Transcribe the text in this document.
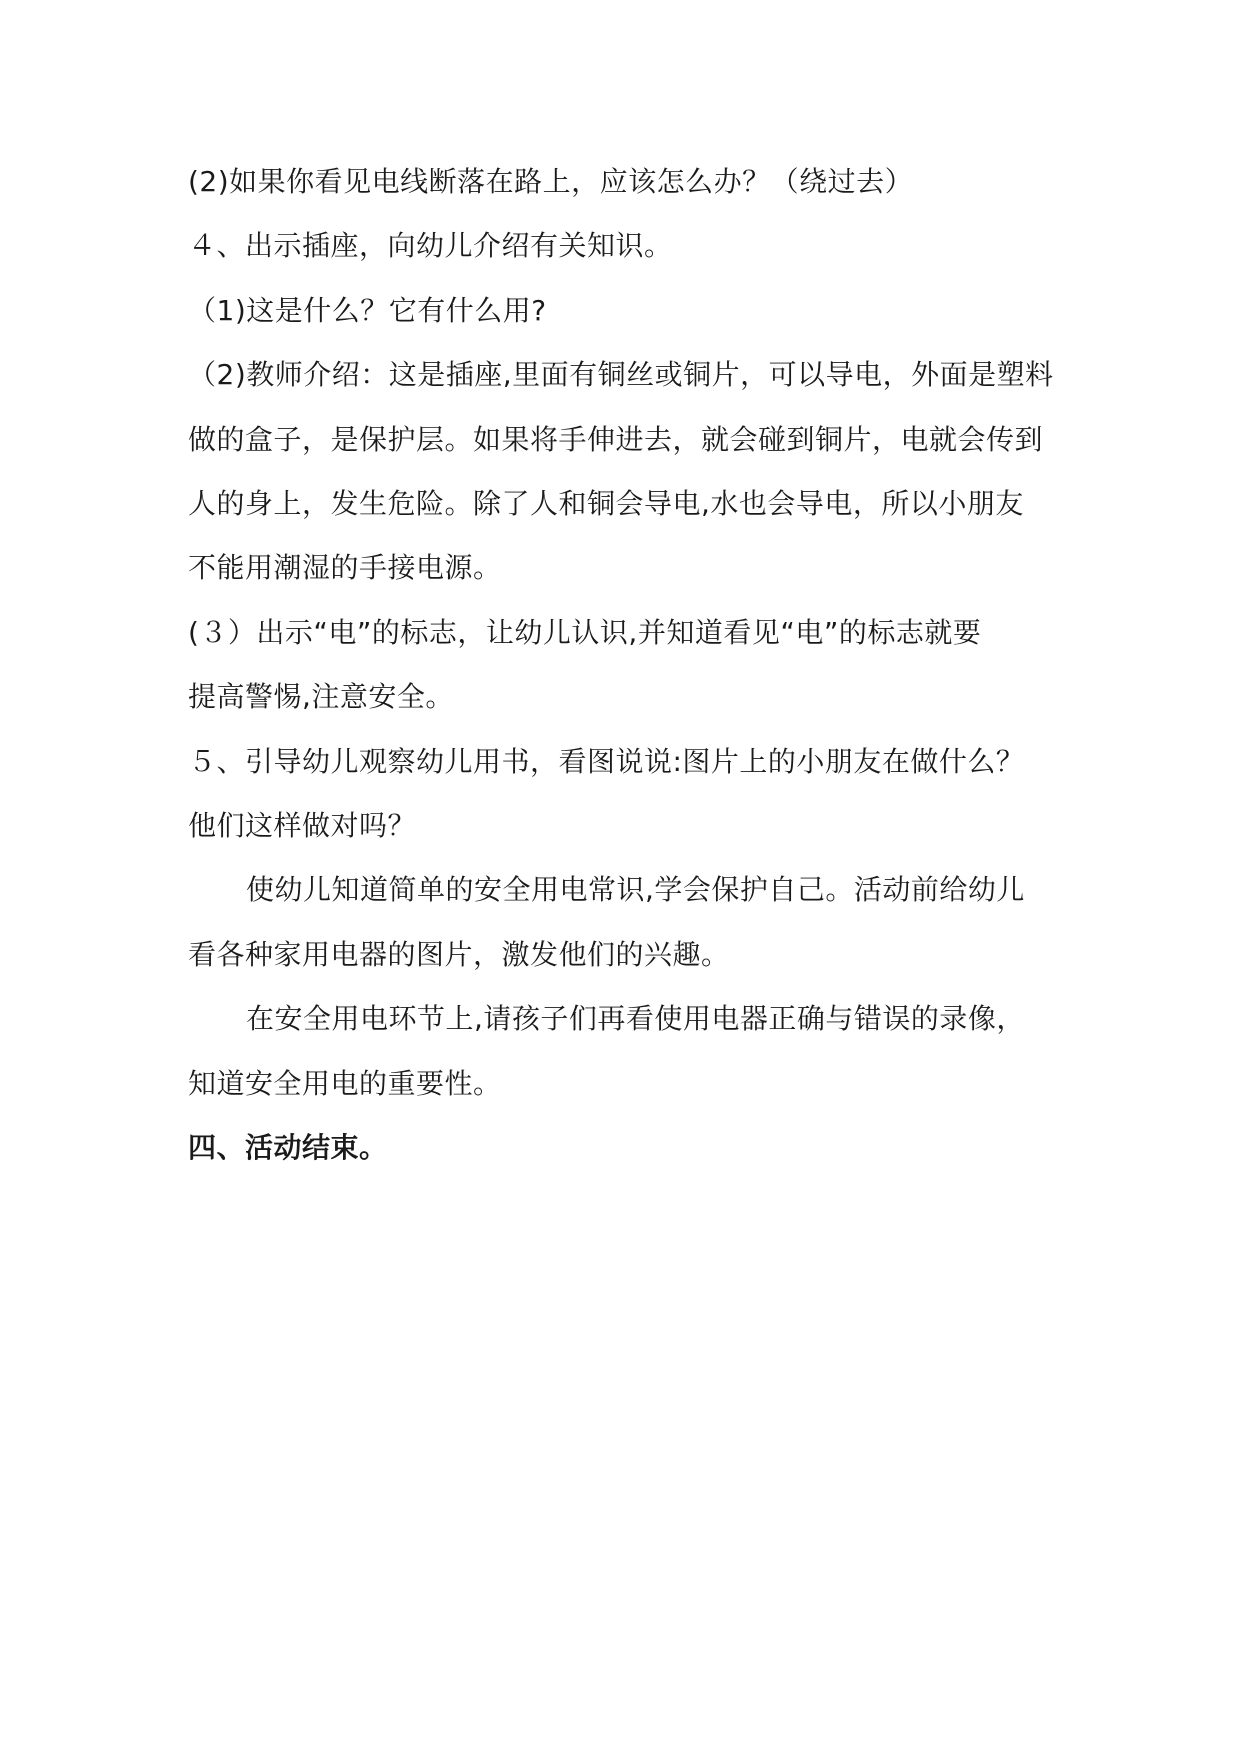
(2)如果你看见电线断落在路上，应该怎么办？（绕过去）
４、出示插座，向幼儿介绍有关知识。
（1)这是什么？它有什么用?
（2)教师介绍：这是插座,里面有铜丝或铜片，可以导电，外面是塑料
做的盒子，是保护层。如果将手伸进去，就会碰到铜片，电就会传到
人的身上，发生危险。除了人和铜会导电,水也会导电，所以小朋友
不能用潮湿的手接电源。
(３）出示“电”的标志，让幼儿认识,并知道看见“电”的标志就要
提高警惕,注意安全。
５、引导幼儿观察幼儿用书，看图说说:图片上的小朋友在做什么？
他们这样做对吗？
使幼儿知道简单的安全用电常识,学会保护自己。活动前给幼儿
看各种家用电器的图片，激发他们的兴趣。
在安全用电环节上,请孩子们再看使用电器正确与错误的录像，
知道安全用电的重要性。
四、活动结束。
